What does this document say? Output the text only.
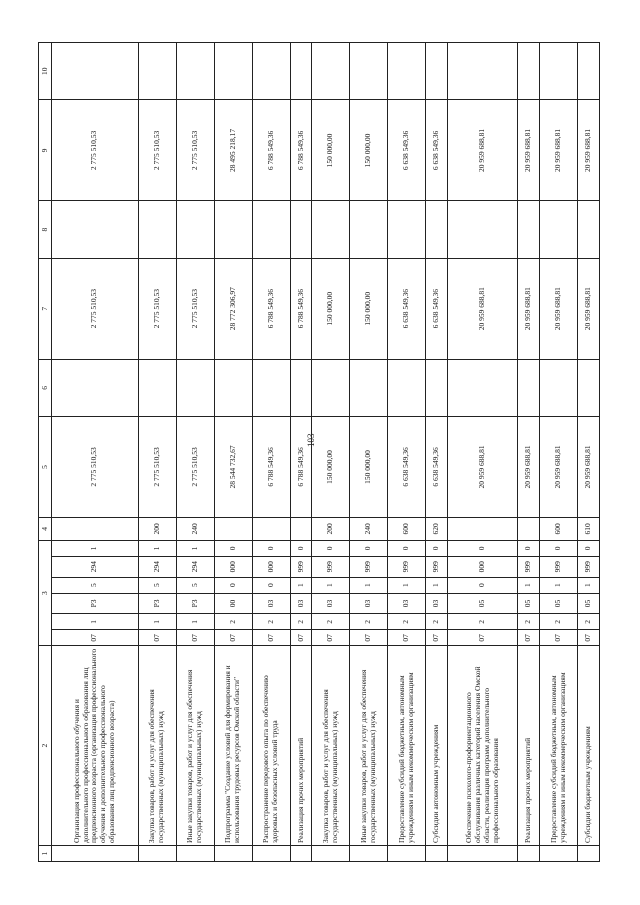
103
1	2	3						4	5	6	7	8	9	10
	Организация профессионального обучения и дополнительного профессионального образования лиц предпенсионного возраста (организация профессионального обучения и дополнительного профессионального образования лиц предпенсионного возраста)	07	1	P3	5	294	1		2 775 510,53		2 775 510,53		2 775 510,53	
	Закупка товаров, работ и услуг для обеспечения государственных (муниципальных) нужд	07	1	P3	5	294	1	200	2 775 510,53		2 775 510,53		2 775 510,53	
	Иные закупки товаров, работ и услуг для обеспечения государственных (муниципальных) нужд	07	1	P3	5	294	1	240	2 775 510,53		2 775 510,53		2 775 510,53	
	Подпрограмма "Создание условий для формирования и использования трудовых ресурсов Омской области"	07	2	00	0	000	0		28 544 732,67		28 772 306,97		28 495 218,17	
	Распространение передового опыта по обеспечению здоровых и безопасных условий труда	07	2	03	0	000	0		6 788 549,36		6 788 549,36		6 788 549,36	
	Реализация прочих мероприятий	07	2	03	1	999	0		6 788 549,36		6 788 549,36		6 788 549,36	
	Закупка товаров, работ и услуг для обеспечения государственных (муниципальных) нужд	07	2	03	1	999	0	200	150 000,00		150 000,00		150 000,00	
	Иные закупки товаров, работ и услуг для обеспечения государственных (муниципальных) нужд	07	2	03	1	999	0	240	150 000,00		150 000,00		150 000,00	
	Предоставление субсидий бюджетным, автономным учреждениям и иным некоммерческим организациям	07	2	03	1	999	0	600	6 638 549,36		6 638 549,36		6 638 549,36	
	Субсидии автономным учреждениям	07	2	03	1	999	0	620	6 638 549,36		6 638 549,36		6 638 549,36	
	Обеспечение психолого-профориентационного обслуживания различных категорий населения Омской области, реализация программ дополнительного профессионального образования	07	2	05	0	000	0		20 959 688,81		20 959 688,81		20 959 688,81	
	Реализация прочих мероприятий	07	2	05	1	999	0		20 959 688,81		20 959 688,81		20 959 688,81	
	Предоставление субсидий бюджетным, автономным учреждениям и иным некоммерческим организациям	07	2	05	1	999	0	600	20 959 688,81		20 959 688,81		20 959 688,81	
	Субсидии бюджетным учреждениям	07	2	05	1	999	0	610	20 959 688,81		20 959 688,81		20 959 688,81	
